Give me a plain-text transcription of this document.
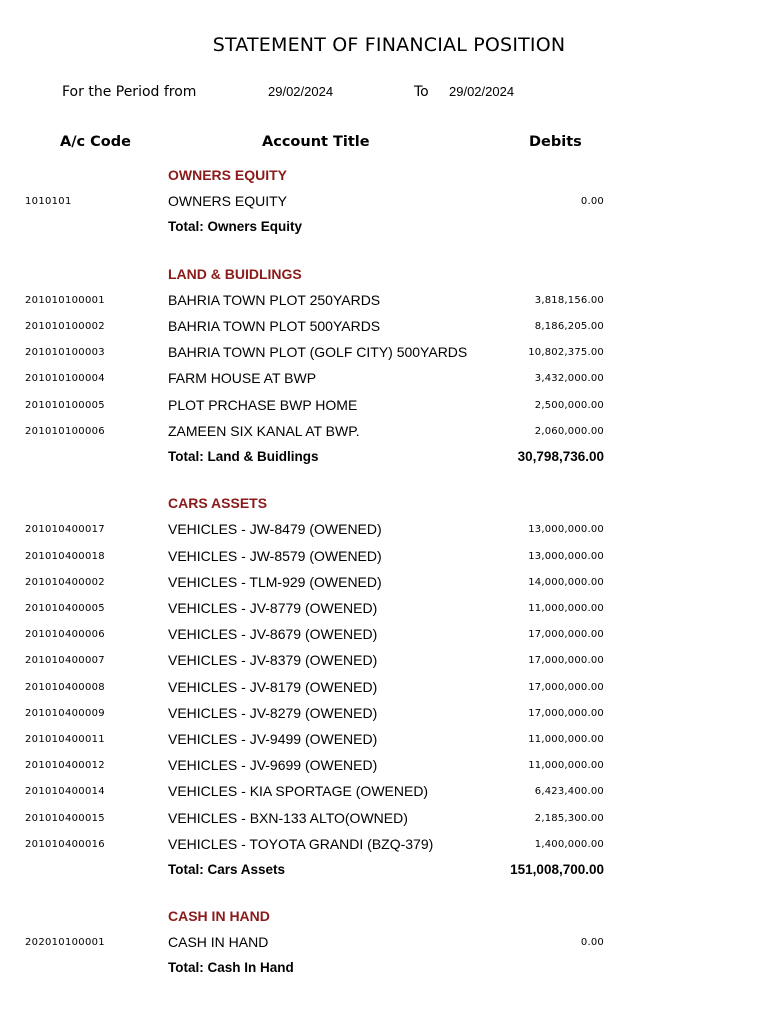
STATEMENT OF FINANCIAL POSITION
For the Period from	29/02/2024	To 29/02/2024
A/c Code	Account Title	Debits
OWNERS EQUITY
1010101	OWNERS EQUITY	0.00
Total: Owners Equity
LAND & BUIDLINGS
201010100001	BAHRIA TOWN PLOT 250YARDS	3,818,156.00
201010100002	BAHRIA TOWN PLOT 500YARDS	8,186,205.00
201010100003	BAHRIA TOWN PLOT (GOLF CITY) 500YARDS	10,802,375.00
201010100004	FARM HOUSE AT BWP	3,432,000.00
201010100005	PLOT PRCHASE BWP HOME	2,500,000.00
201010100006	ZAMEEN SIX KANAL AT BWP.	2,060,000.00
Total: Land & Buidlings	30,798,736.00
CARS ASSETS
201010400017	VEHICLES - JW-8479 (OWENED)	13,000,000.00
201010400018	VEHICLES - JW-8579 (OWENED)	13,000,000.00
201010400002	VEHICLES - TLM-929 (OWENED)	14,000,000.00
201010400005	VEHICLES - JV-8779 (OWENED)	11,000,000.00
201010400006	VEHICLES - JV-8679 (OWENED)	17,000,000.00
201010400007	VEHICLES - JV-8379 (OWENED)	17,000,000.00
201010400008	VEHICLES - JV-8179 (OWENED)	17,000,000.00
201010400009	VEHICLES - JV-8279 (OWENED)	17,000,000.00
201010400011	VEHICLES - JV-9499 (OWENED)	11,000,000.00
201010400012	VEHICLES - JV-9699 (OWENED)	11,000,000.00
201010400014	VEHICLES - KIA SPORTAGE (OWENED)	6,423,400.00
201010400015	VEHICLES - BXN-133 ALTO(OWNED)	2,185,300.00
201010400016	VEHICLES - TOYOTA GRANDI (BZQ-379)	1,400,000.00
Total: Cars Assets	151,008,700.00
CASH IN HAND
202010100001	CASH IN HAND	0.00
Total: Cash In Hand
